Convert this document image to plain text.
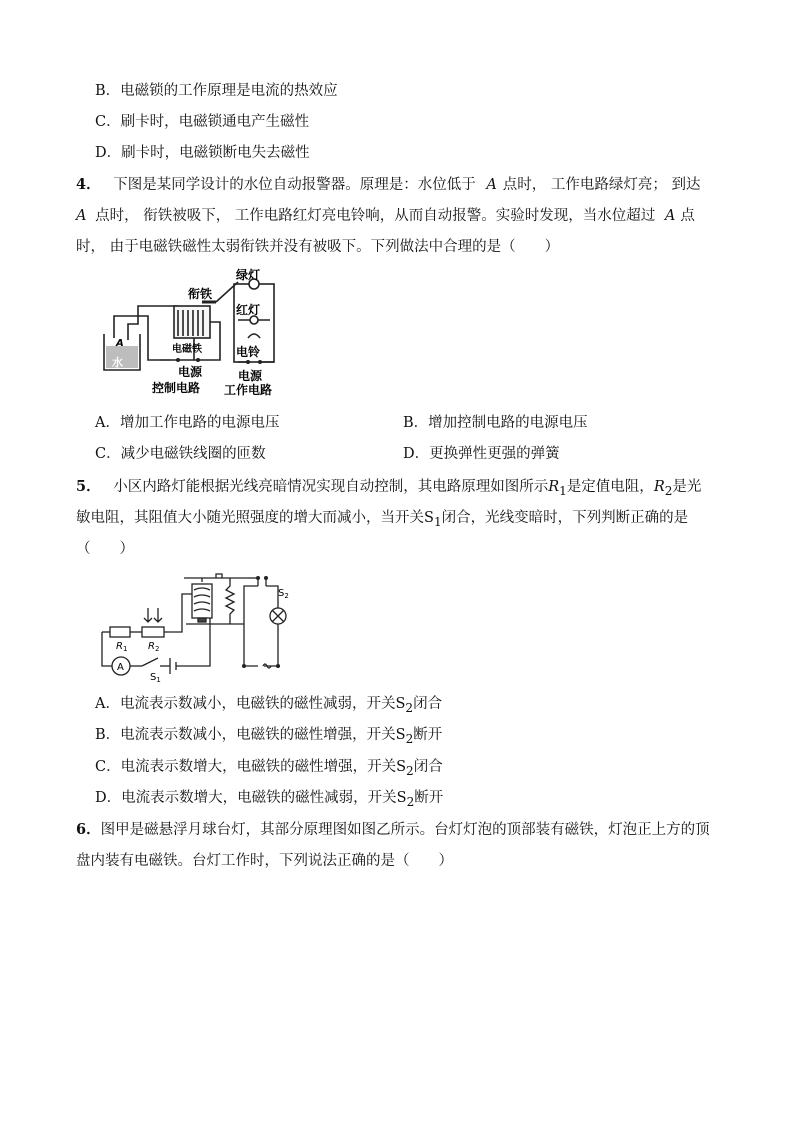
B．电磁锁的工作原理是电流的热效应
C．刷卡时，电磁锁通电产生磁性
D．刷卡时，电磁锁断电失去磁性
4． 下图是某同学设计的水位自动报警器。原理是：水位低于 A 点时， 工作电路绿灯亮； 到达
A 点时， 衔铁被吸下， 工作电路红灯亮电铃响，从而自动报警。实验时发现，当水位超过 A 点
时， 由于电磁铁磁性太弱衔铁并没有被吸下。下列做法中合理的是（　　）
绿灯
红灯
衔铁
电磁铁	电铃
A
水
电源
控制电路
电源
工作电路
A．增加工作电路的电源电压	B．增加控制电路的电源电压
C．减少电磁铁线圈的匝数	D．更换弹性更强的弹簧
5． 小区内路灯能根据光线亮暗情况实现自动控制，其电路原理如图所示$R_1$是定值电阻，$R_2$是光
敏电阻，其阻值大小随光照强度的增大而减小，当开关$S_1$闭合，光线变暗时，下列判断正确的是
（　　）
$R_1$ $R_2$
A
$S_1$
$S_2$
A．电流表示数减小，电磁铁的磁性减弱，开关$S_2$闭合
B．电流表示数减小，电磁铁的磁性增强，开关$S_2$断开
C．电流表示数增大，电磁铁的磁性增强，开关$S_2$闭合
D．电流表示数增大，电磁铁的磁性减弱，开关$S_2$断开
6．图甲是磁悬浮月球台灯，其部分原理图如图乙所示。台灯灯泡的顶部装有磁铁，灯泡正上方的顶
盘内装有电磁铁。台灯工作时，下列说法正确的是（　　）
